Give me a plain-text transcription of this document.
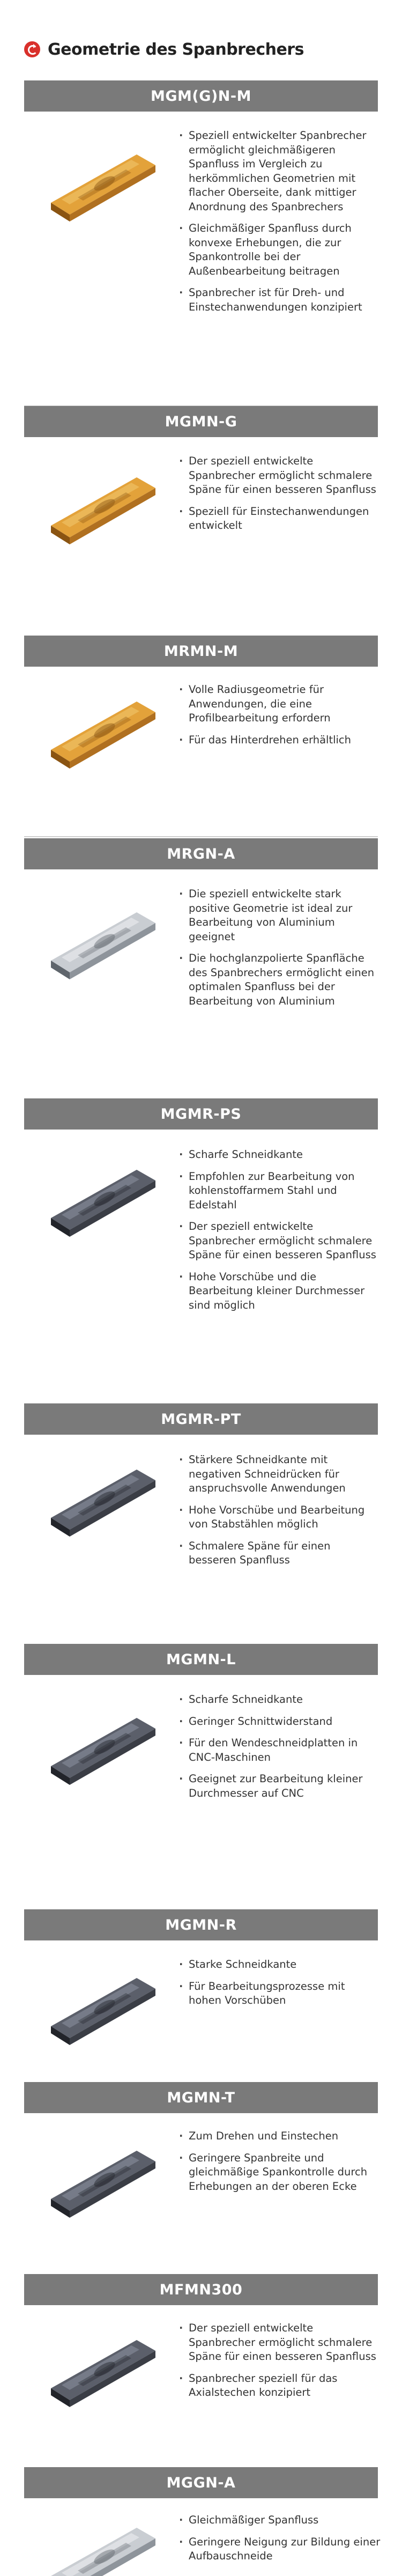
Geometrie des Spanbrechers
MGM(G)N-M
· Speziell entwickelter Spanbrecher ermöglicht gleichmäßigeren Spanfluss im Vergleich zu herkömmlichen Geometrien mit flacher Oberseite, dank mittiger Anordnung des Spanbrechers
· Gleichmäßiger Spanfluss durch konvexe Erhebungen, die zur Spankontrolle bei der Außenbearbeitung beitragen
· Spanbrecher ist für Dreh- und Einstechanwendungen konzipiert
MGMN-G
· Der speziell entwickelte Spanbrecher ermöglicht schmalere Späne für einen besseren Spanfluss
· Speziell für Einstechanwendungen entwickelt
MRMN-M
· Volle Radiusgeometrie für Anwendungen, die eine Profilbearbeitung erfordern
· Für das Hinterdrehen erhältlich
MRGN-A
· Die speziell entwickelte stark positive Geometrie ist ideal zur Bearbeitung von Aluminium geeignet
· Die hochglanzpolierte Spanfläche des Spanbrechers ermöglicht einen optimalen Spanfluss bei der Bearbeitung von Aluminium
MGMR-PS
· Scharfe Schneidkante
· Empfohlen zur Bearbeitung von kohlenstoffarmem Stahl und Edelstahl
· Der speziell entwickelte Spanbrecher ermöglicht schmalere Späne für einen besseren Spanfluss
· Hohe Vorschübe und die Bearbeitung kleiner Durchmesser sind möglich
MGMR-PT
· Stärkere Schneidkante mit negativen Schneidrücken für anspruchsvolle Anwendungen
· Hohe Vorschübe und Bearbeitung von Stabstählen möglich
· Schmalere Späne für einen besseren Spanfluss
MGMN-L
· Scharfe Schneidkante
· Geringer Schnittwiderstand
· Für den Wendeschneidplatten in CNC-Maschinen
· Geeignet zur Bearbeitung kleiner Durchmesser auf CNC
MGMN-R
· Starke Schneidkante
· Für Bearbeitungsprozesse mit hohen Vorschüben
MGMN-T
· Zum Drehen und Einstechen
· Geringere Spanbreite und gleichmäßige Spankontrolle durch Erhebungen an der oberen Ecke
MFMN300
· Der speziell entwickelte Spanbrecher ermöglicht schmalere Späne für einen besseren Spanfluss
· Spanbrecher speziell für das Axialstechen konzipiert
MGGN-A
· Gleichmäßiger Spanfluss
· Geringere Neigung zur Bildung einer Aufbauschneide
